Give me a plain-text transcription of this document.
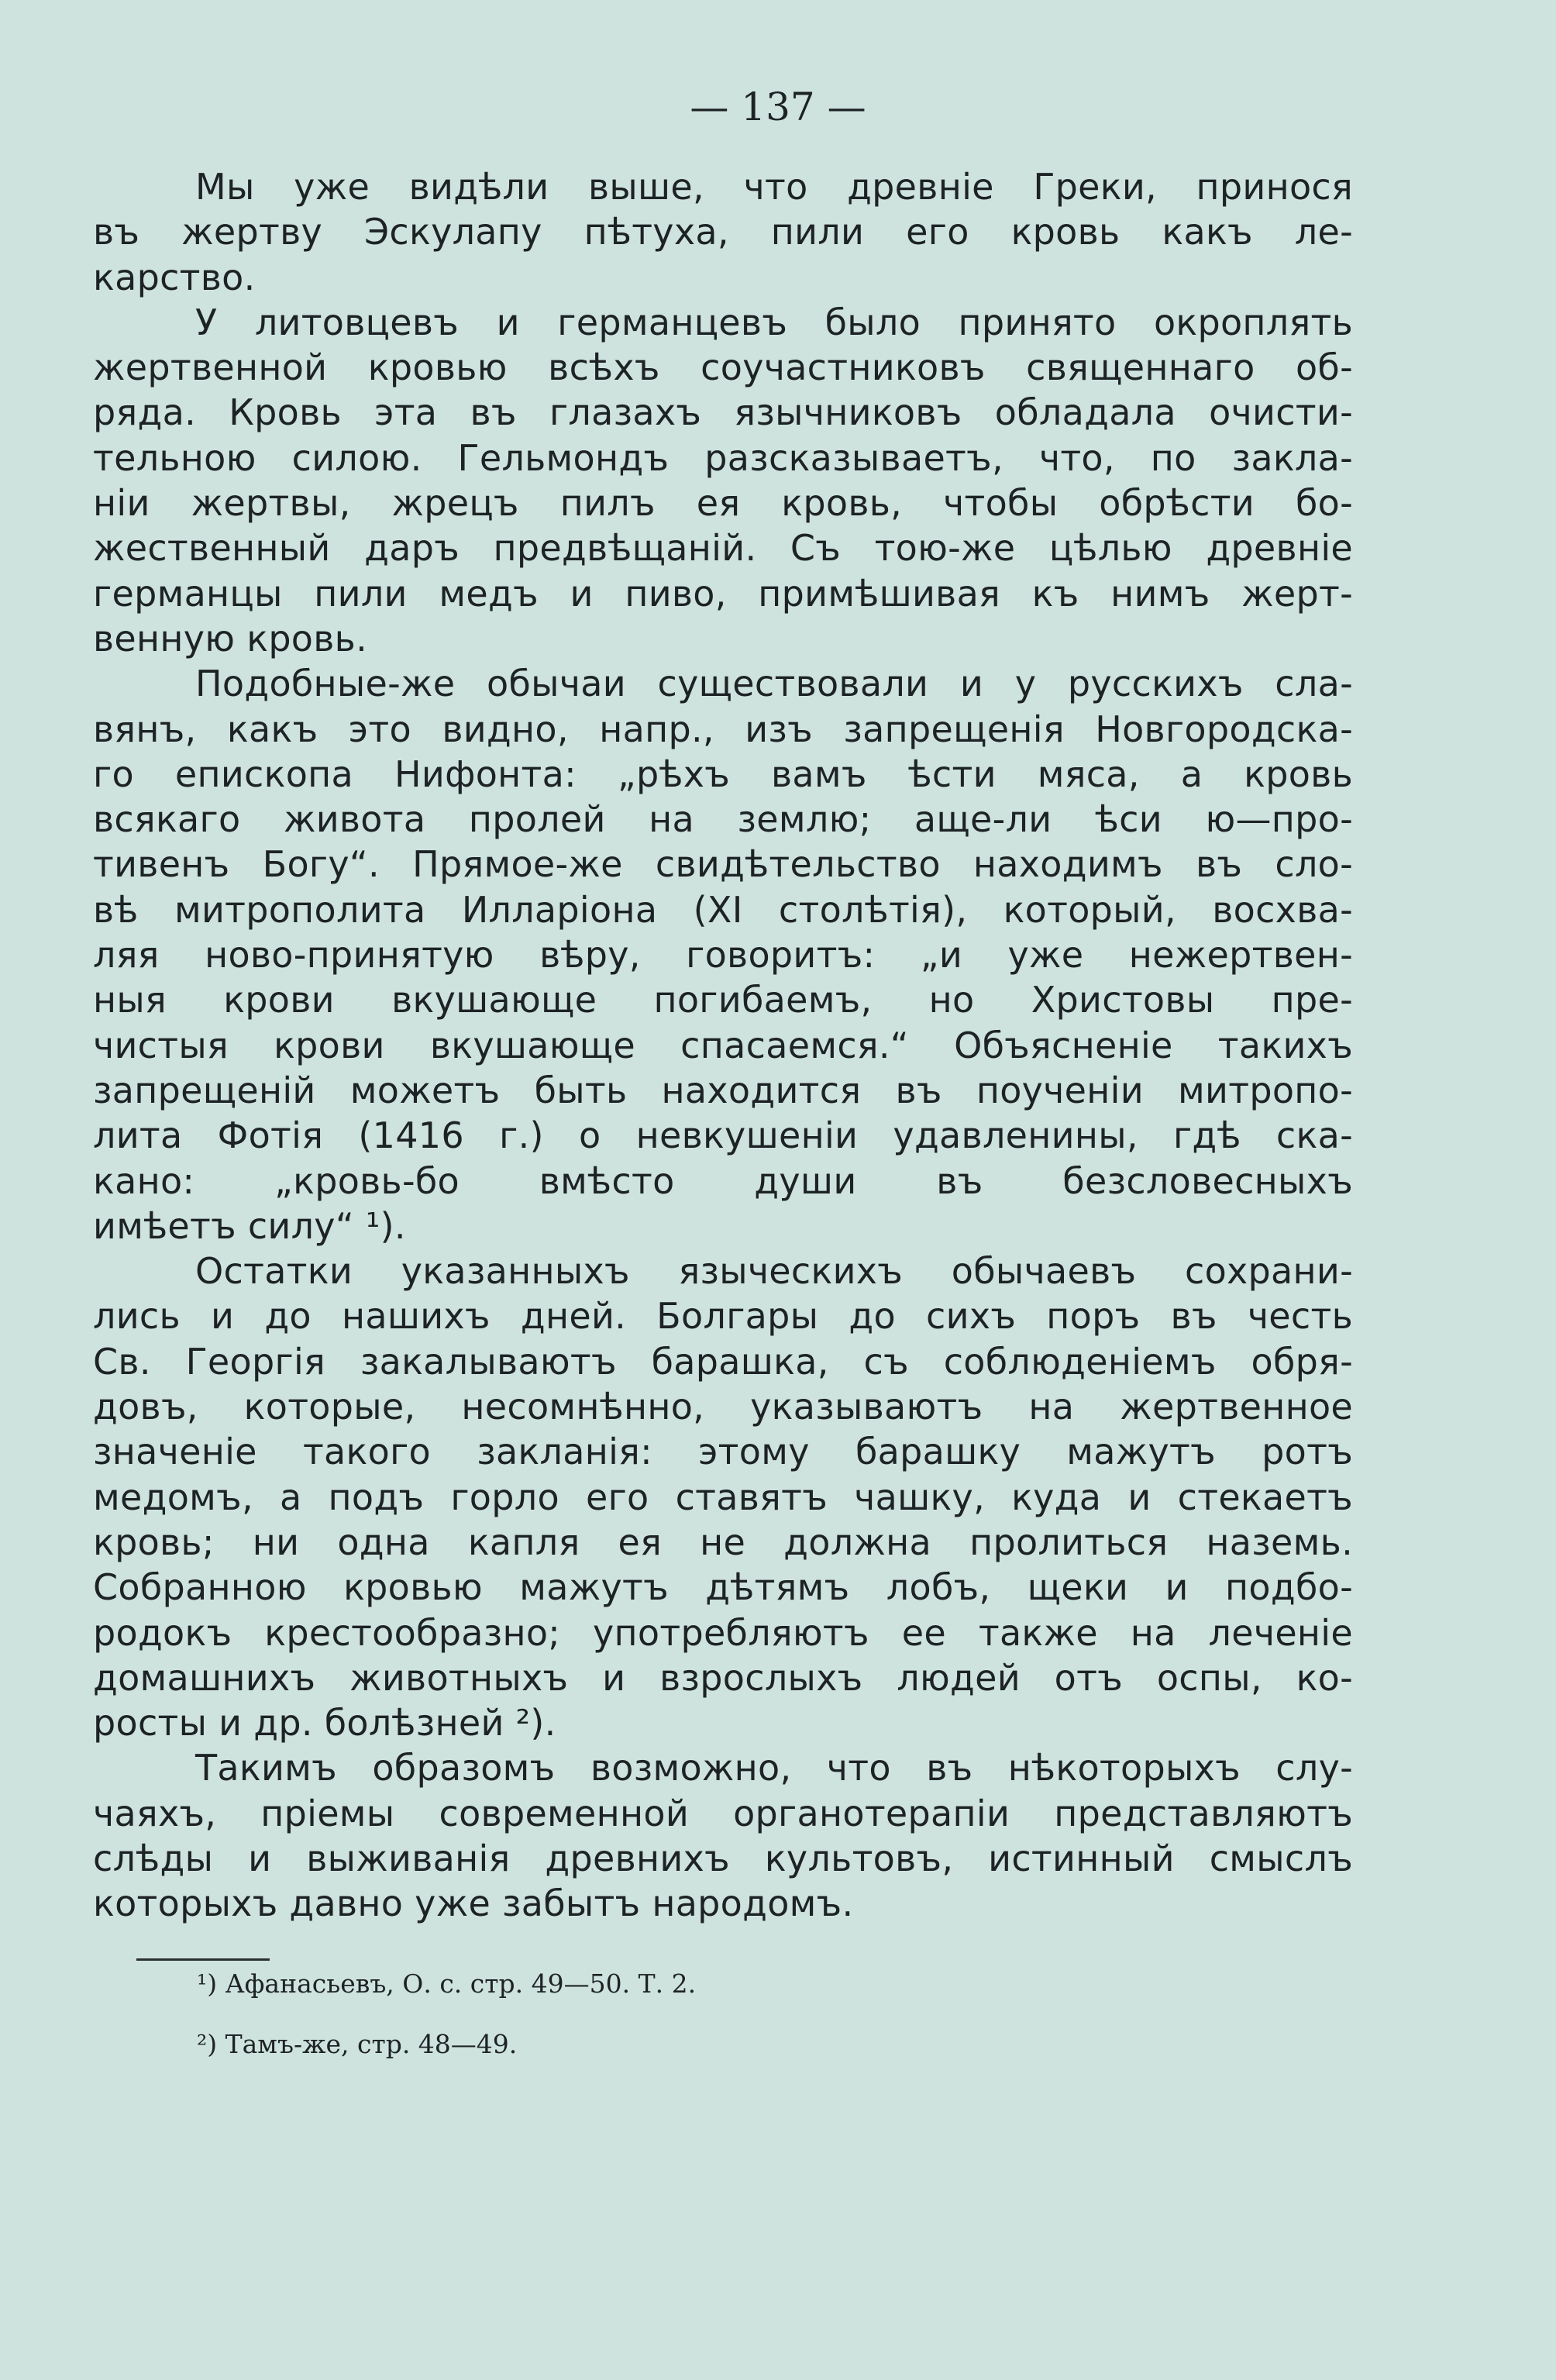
— 137 —
Мы уже видѣли выше, что древніе Греки, принося
въ жертву Эскулапу пѣтуха, пили его кровь какъ ле-
карство.
У литовцевъ и германцевъ было принято окроплять
жертвенной кровью всѣхъ соучастниковъ священнаго об-
ряда. Кровь эта въ глазахъ язычниковъ обладала очисти-
тельною силою. Гельмондъ разсказываетъ, что, по закла-
ніи жертвы, жрецъ пилъ ея кровь, чтобы обрѣсти бо-
жественный даръ предвѣщаній. Съ тою-же цѣлью древніе
германцы пили медъ и пиво, примѣшивая къ нимъ жерт-
венную кровь.
Подобные-же обычаи существовали и у русскихъ сла-
вянъ, какъ это видно, напр., изъ запрещенія Новгородска-
го епископа Нифонта: „рѣхъ вамъ ѣсти мяса, а кровь
всякаго живота пролей на землю; аще-ли ѣси ю—про-
тивенъ Богу“. Прямое-же свидѣтельство находимъ въ сло-
вѣ митрополита Илларіона (XI столѣтія), который, восхва-
ляя ново-принятую вѣру, говоритъ: „и уже нежертвен-
ныя крови вкушающе погибаемъ, но Христовы пре-
чистыя крови вкушающе спасаемся.“ Объясненіе такихъ
запрещеній можетъ быть находится въ поученіи митропо-
лита Фотія (1416 г.) о невкушеніи удавленины, гдѣ ска-
кано: „кровь-бо вмѣсто души въ безсловесныхъ
имѣетъ силу“ ¹).
Остатки указанныхъ языческихъ обычаевъ сохрани-
лись и до нашихъ дней. Болгары до сихъ поръ въ честь
Св. Георгія закалываютъ барашка, съ соблюденіемъ обря-
довъ, которые, несомнѣнно, указываютъ на жертвенное
значеніе такого закланія: этому барашку мажутъ ротъ
медомъ, а подъ горло его ставятъ чашку, куда и стекаетъ
кровь; ни одна капля ея не должна пролиться наземь.
Собранною кровью мажутъ дѣтямъ лобъ, щеки и подбо-
родокъ крестообразно; употребляютъ ее также на леченіе
домашнихъ животныхъ и взрослыхъ людей отъ оспы, ко-
росты и др. болѣзней ²).
Такимъ образомъ возможно, что въ нѣкоторыхъ слу-
чаяхъ, пріемы современной органотерапіи представляютъ
слѣды и выживанія древнихъ культовъ, истинный смыслъ
которыхъ давно уже забытъ народомъ.
¹) Афанасьевъ, О. с. стр. 49—50. Т. 2.
²) Тамъ-же, стр. 48—49.
